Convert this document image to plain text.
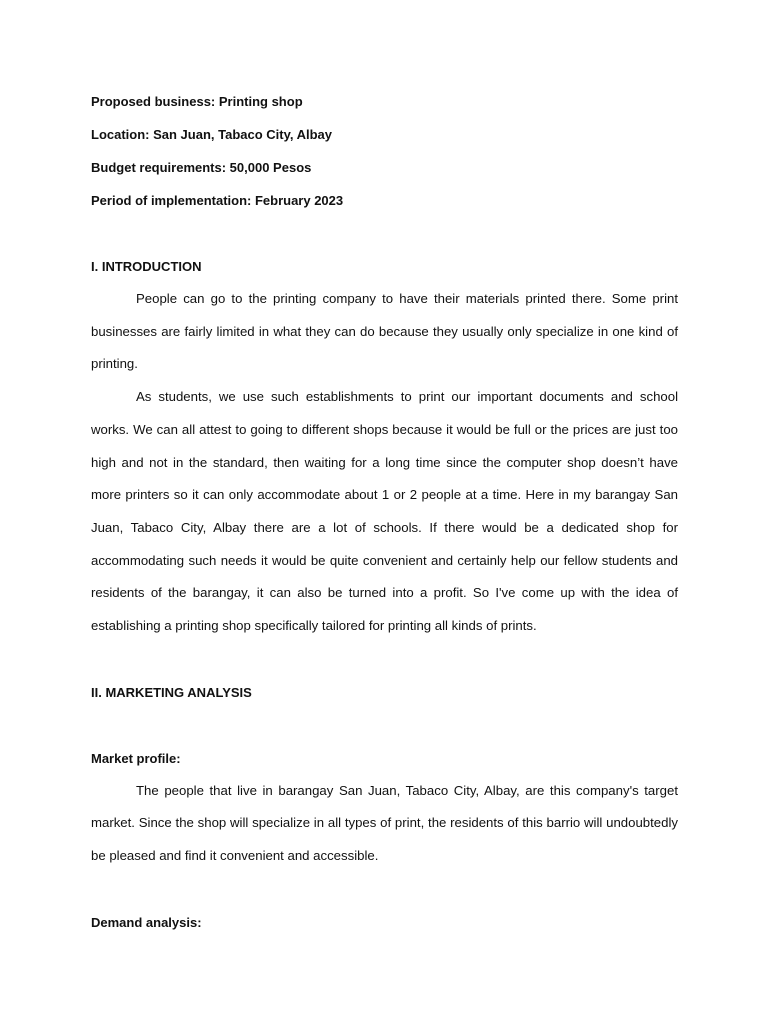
Proposed business: Printing shop

Location: San Juan, Tabaco City, Albay

Budget requirements: 50,000 Pesos

Period of implementation: February 2023

I. INTRODUCTION

People can go to the printing company to have their materials printed there. Some print businesses are fairly limited in what they can do because they usually only specialize in one kind of printing.

As students, we use such establishments to print our important documents and school works. We can all attest to going to different shops because it would be full or the prices are just too high and not in the standard, then waiting for a long time since the computer shop doesn’t have more printers so it can only accommodate about 1 or 2 people at a time. Here in my barangay San Juan, Tabaco City, Albay there are a lot of schools. If there would be a dedicated shop for accommodating such needs it would be quite convenient and certainly help our fellow students and residents of the barangay, it can also be turned into a profit. So I've come up with the idea of establishing a printing shop specifically tailored for printing all kinds of prints.

II. MARKETING ANALYSIS

Market profile:

The people that live in barangay San Juan, Tabaco City, Albay, are this company's target market. Since the shop will specialize in all types of print, the residents of this barrio will undoubtedly be pleased and find it convenient and accessible.

Demand analysis:
